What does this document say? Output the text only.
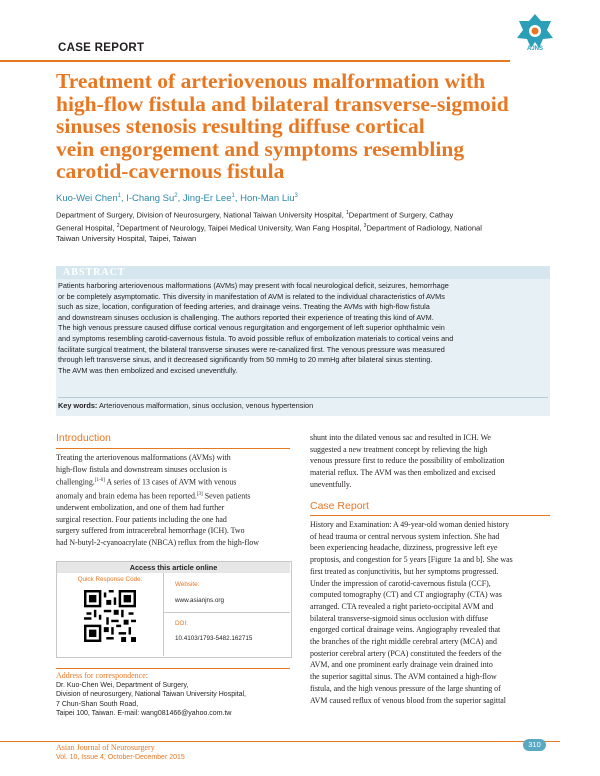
CASE REPORT	AJNS
Treatment of arteriovenous malformation with
high-flow fistula and bilateral transverse-sigmoid
sinuses stenosis resulting diffuse cortical
vein engorgement and symptoms resembling
carotid-cavernous fistula
Kuo-Wei Chen$^1$, I-Chang Su$^2$, Jing-Er Lee$^1$, Hon-Man Liu$^3$
Department of Surgery, Division of Neurosurgery, National Taiwan University Hospital, $^1$Department of Surgery, Cathay
General Hospital, $^2$Department of Neurology, Taipei Medical University, Wan Fang Hospital, $^3$Department of Radiology, National
Taiwan University Hospital, Taipei, Taiwan
ABSTRACT
Patients harboring arteriovenous malformations (AVMs) may present with focal neurological deficit, seizures, hemorrhage
or be completely asymptomatic. This diversity in manifestation of AVM is related to the individual characteristics of AVMs
such as size, location, configuration of feeding arteries, and drainage veins. Treating the AVMs with high-flow fistula
and downstream sinuses occlusion is challenging. The authors reported their experience of treating this kind of AVM.
The high venous pressure caused diffuse cortical venous regurgitation and engorgement of left superior ophthalmic vein
and symptoms resembling carotid-cavernous fistula. To avoid possible reflux of embolization materials to cortical veins and
facilitate surgical treatment, the bilateral transverse sinuses were re-canalized first. The venous pressure was measured
through left transverse sinus, and it decreased significantly from 50 mmHg to 20 mmHg after bilateral sinus stenting.
The AVM was then embolized and excised uneventfully.
Key words: Arteriovenous malformation, sinus occlusion, venous hypertension
Introduction
Treating the arteriovenous malformations (AVMs) with
high-flow fistula and downstream sinuses occlusion is
challenging.[1-6] A series of 13 cases of AVM with venous
anomaly and brain edema has been reported.[3] Seven patients
underwent embolization, and one of them had further
surgical resection. Four patients including the one had
surgery suffered from intracerebral hemorrhage (ICH). Two
had N-butyl-2-cyanoacrylate (NBCA) reflux from the high-flow
Access this article online
Quick Response Code:
Website:
www.asianjns.org
DOI:
10.4103/1793-5482.162715
Address for correspondence:
Dr. Kuo-Chen Wei, Department of Surgery,
Division of neurosurgery, National Taiwan University Hospital,
7 Chun-Shan South Road,
Taipei 100, Taiwan. E-mail: wang081466@yahoo.com.tw
shunt into the dilated venous sac and resulted in ICH. We
suggested a new treatment concept by relieving the high
venous pressure first to reduce the possibility of embolization
material reflux. The AVM was then embolized and excised
uneventfully.
Case Report
History and Examination: A 49-year-old woman denied history
of head trauma or central nervous system infection. She had
been experiencing headache, dizziness, progressive left eye
proptosis, and congestion for 5 years [Figure 1a and b]. She was
first treated as conjunctivitis, but her symptoms progressed.
Under the impression of carotid-cavernous fistula (CCF),
computed tomography (CT) and CT angiography (CTA) was
arranged. CTA revealed a right parieto-occipital AVM and
bilateral transverse-sigmoid sinus occlusion with diffuse
engorged cortical drainage veins. Angiography revealed that
the branches of the right middle cerebral artery (MCA) and
posterior cerebral artery (PCA) constituted the feeders of the
AVM, and one prominent early drainage vein drained into
the superior sagittal sinus. The AVM contained a high-flow
fistula, and the high venous pressure of the large shunting of
AVM caused reflux of venous blood from the superior sagittal
Asian Journal of Neurosurgery
Vol. 10, Issue 4, October-December 2015
310
